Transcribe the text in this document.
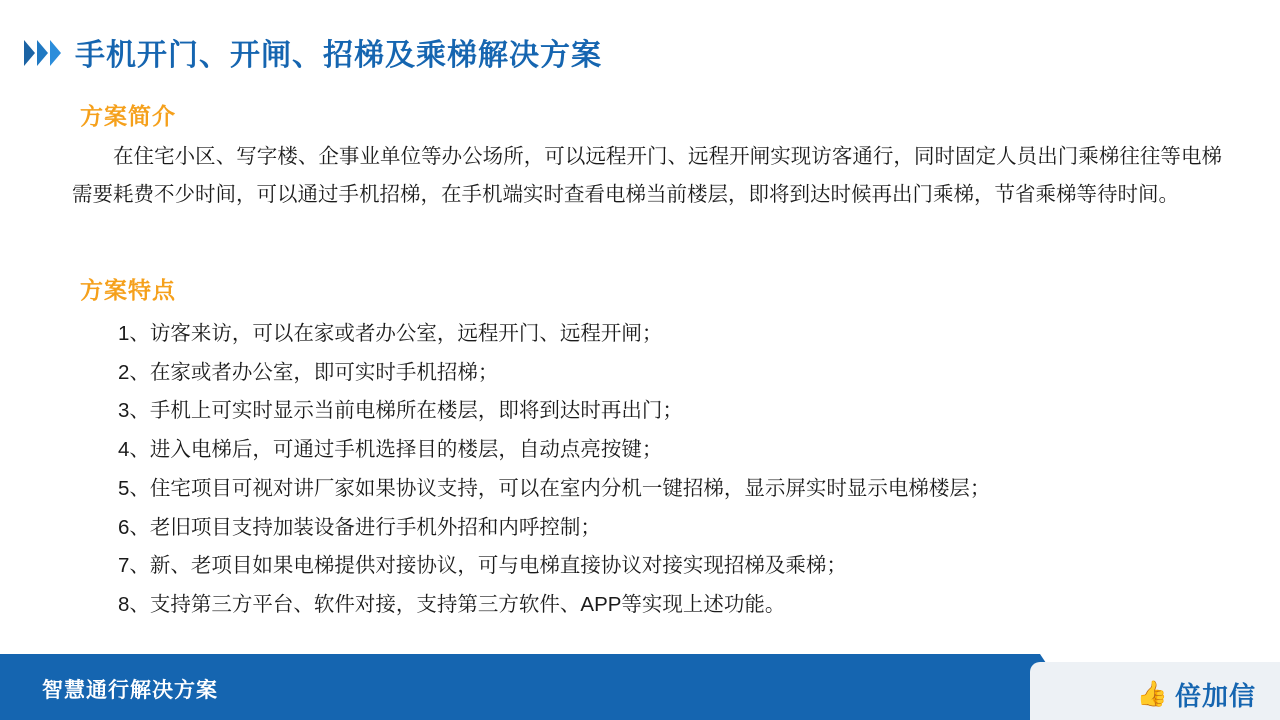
手机开门、开闸、招梯及乘梯解决方案
方案简介
在住宅小区、写字楼、企事业单位等办公场所，可以远程开门、远程开闸实现访客通行，同时固定人员出门乘梯往往等电梯需要耗费不少时间，可以通过手机招梯，在手机端实时查看电梯当前楼层，即将到达时候再出门乘梯，节省乘梯等待时间。
方案特点
1、访客来访，可以在家或者办公室，远程开门、远程开闸；
2、在家或者办公室，即可实时手机招梯；
3、手机上可实时显示当前电梯所在楼层，即将到达时再出门；
4、进入电梯后，可通过手机选择目的楼层，自动点亮按键；
5、住宅项目可视对讲厂家如果协议支持，可以在室内分机一键招梯，显示屏实时显示电梯楼层；
6、老旧项目支持加装设备进行手机外招和内呼控制；
7、新、老项目如果电梯提供对接协议，可与电梯直接协议对接实现招梯及乘梯；
8、支持第三方平台、软件对接，支持第三方软件、APP等实现上述功能。
智慧通行解决方案	👍 倍加信
